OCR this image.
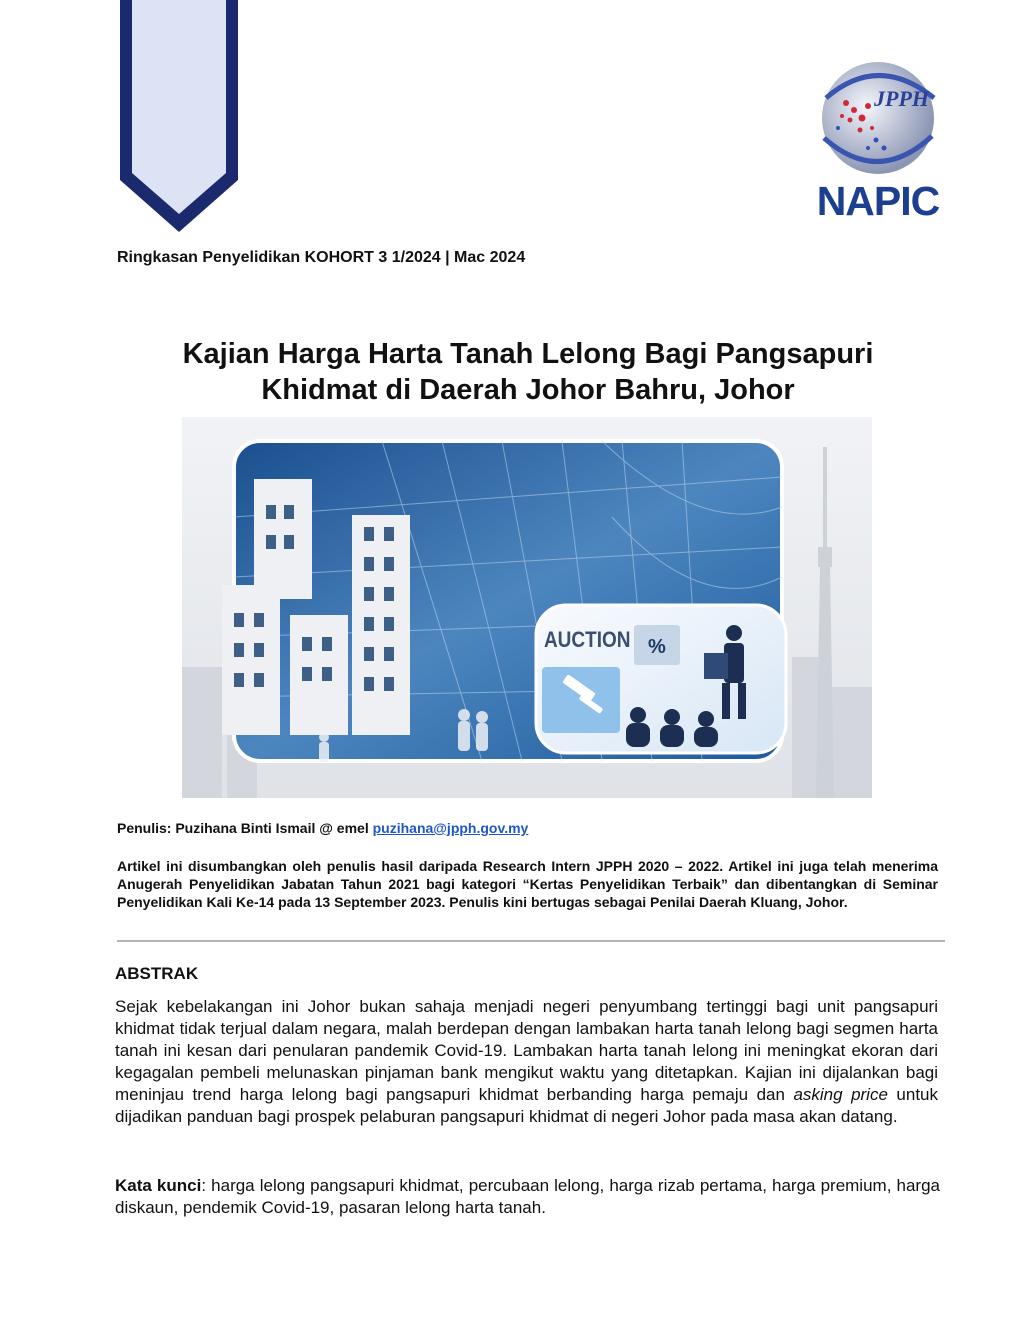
JPPH
NAPIC
Ringkasan Penyelidikan KOHORT 3 1/2024 | Mac 2024
Kajian Harga Harta Tanah Lelong Bagi Pangsapuri
Khidmat di Daerah Johor Bahru, Johor
AUCTION %
Penulis: Puzihana Binti Ismail @ emel puzihana@jpph.gov.my
Artikel ini disumbangkan oleh penulis hasil daripada Research Intern JPPH 2020 – 2022. Artikel ini juga telah menerima Anugerah Penyelidikan Jabatan Tahun 2021 bagi kategori “Kertas Penyelidikan Terbaik” dan dibentangkan di Seminar Penyelidikan Kali Ke-14 pada 13 September 2023. Penulis kini bertugas sebagai Penilai Daerah Kluang, Johor.
ABSTRAK
Sejak kebelakangan ini Johor bukan sahaja menjadi negeri penyumbang tertinggi bagi unit pangsapuri khidmat tidak terjual dalam negara, malah berdepan dengan lambakan harta tanah lelong bagi segmen harta tanah ini kesan dari penularan pandemik Covid-19. Lambakan harta tanah lelong ini meningkat ekoran dari kegagalan pembeli melunaskan pinjaman bank mengikut waktu yang ditetapkan. Kajian ini dijalankan bagi meninjau trend harga lelong bagi pangsapuri khidmat berbanding harga pemaju dan asking price untuk dijadikan panduan bagi prospek pelaburan pangsapuri khidmat di negeri Johor pada masa akan datang.
Kata kunci: harga lelong pangsapuri khidmat, percubaan lelong, harga rizab pertama, harga premium, harga diskaun, pendemik Covid-19, pasaran lelong harta tanah.
